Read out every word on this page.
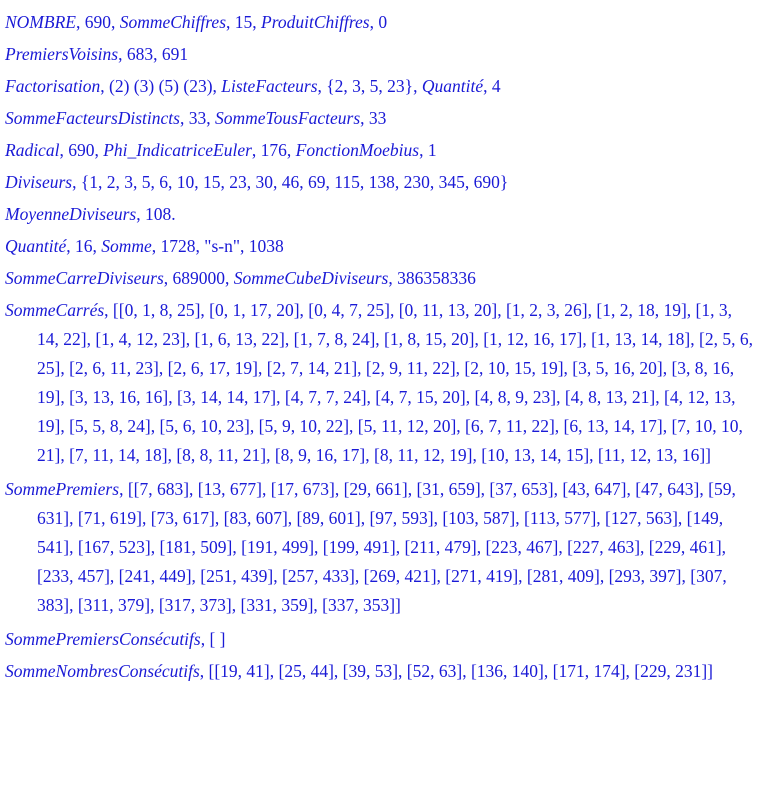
NOMBRE, 690, SommeChiffres, 15, ProduitChiffres, 0
PremiersVoisins, 683, 691
Factorisation, (2) (3) (5) (23), ListeFacteurs, {2, 3, 5, 23}, Quantité, 4
SommeFacteursDistincts, 33, SommeTousFacteurs, 33
Radical, 690, Phi_IndicatriceEuler, 176, FonctionMoebius, 1
Diviseurs, {1, 2, 3, 5, 6, 10, 15, 23, 30, 46, 69, 115, 138, 230, 345, 690}
MoyenneDiviseurs, 108.
Quantité, 16, Somme, 1728, "s-n", 1038
SommeCarreDiviseurs, 689000, SommeCubeDiviseurs, 386358336
SommeCarrés, [[0, 1, 8, 25], [0, 1, 17, 20], [0, 4, 7, 25], [0, 11, 13, 20], [1, 2, 3, 26], [1, 2, 18, 19], [1, 3, 14, 22], [1, 4, 12, 23], [1, 6, 13, 22], [1, 7, 8, 24], [1, 8, 15, 20], [1, 12, 16, 17], [1, 13, 14, 18], [2, 5, 6, 25], [2, 6, 11, 23], [2, 6, 17, 19], [2, 7, 14, 21], [2, 9, 11, 22], [2, 10, 15, 19], [3, 5, 16, 20], [3, 8, 16, 19], [3, 13, 16, 16], [3, 14, 14, 17], [4, 7, 7, 24], [4, 7, 15, 20], [4, 8, 9, 23], [4, 8, 13, 21], [4, 12, 13, 19], [5, 5, 8, 24], [5, 6, 10, 23], [5, 9, 10, 22], [5, 11, 12, 20], [6, 7, 11, 22], [6, 13, 14, 17], [7, 10, 10, 21], [7, 11, 14, 18], [8, 8, 11, 21], [8, 9, 16, 17], [8, 11, 12, 19], [10, 13, 14, 15], [11, 12, 13, 16]]
SommePremiers, [[7, 683], [13, 677], [17, 673], [29, 661], [31, 659], [37, 653], [43, 647], [47, 643], [59, 631], [71, 619], [73, 617], [83, 607], [89, 601], [97, 593], [103, 587], [113, 577], [127, 563], [149, 541], [167, 523], [181, 509], [191, 499], [199, 491], [211, 479], [223, 467], [227, 463], [229, 461], [233, 457], [241, 449], [251, 439], [257, 433], [269, 421], [271, 419], [281, 409], [293, 397], [307, 383], [311, 379], [317, 373], [331, 359], [337, 353]]
SommePremiersConsécutifs, [ ]
SommeNombresConsécutifs, [[19, 41], [25, 44], [39, 53], [52, 63], [136, 140], [171, 174], [229, 231]]
